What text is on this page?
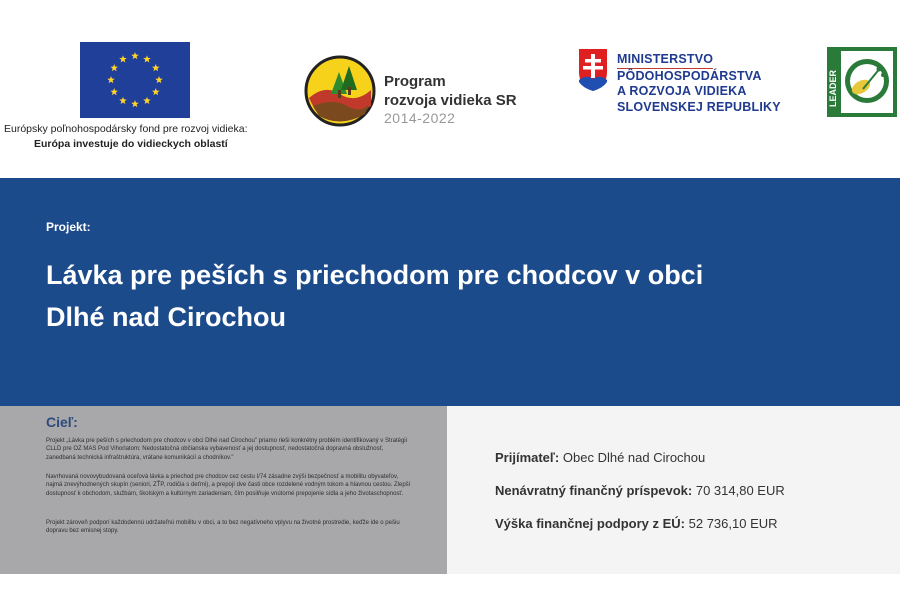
Európsky poľnohospodársky fond pre rozvoj vidieka:
Európa investuje do vidieckych oblastí
Program
rozvoja vidieka SR
2014-2022
MINISTERSTVO
PÔDOHOSPODÁRSTVA
A ROZVOJA VIDIEKA
SLOVENSKEJ REPUBLIKY	LEADER
Projekt:
Lávka pre peších s priechodom pre chodcov v obci
Dlhé nad Cirochou
Cieľ:
Projekt „Lávka pre peších s priechodom pre chodcov v obci Dlhé nad Cirochou" priamo rieši konkrétny problém identifikovaný v Stratégii CLLD pre OZ MAS Pod Vihorlatom: Nedostatočná občianska vybavenosť a jej dostupnosť, nedostatočná dopravná obslužnosť, zanedbaná technická infraštruktúra, vrátane komunikácií a chodníkov."
Navrhovaná novovybudovaná oceľová lávka a priechod pre chodcov cez cestu I/74 zásadne zvýši bezpečnosť a mobilitu obyvateľov, najmä znevýhodnených skupín (seniori, ZŤP, rodičia s deťmi), a prepojí dve časti obce rozdelené vodným tokom a hlavnou cestou. Zlepší dostupnosť k obchodom, službám, školským a kultúrnym zariadeniam, čím posilňuje vnútorné prepojenie sídla a jeho životaschopnosť.
Projekt zároveň podporí každodennú udržateľnú mobilitu v obci, a to bez negatívneho vplyvu na životné prostredie, keďže ide o pešiu dopravu bez emisnej stopy.
Prijímateľ: Obec Dlhé nad Cirochou
Nenávratný finančný príspevok: 70 314,80 EUR
Výška finančnej podpory z EÚ: 52 736,10 EUR
